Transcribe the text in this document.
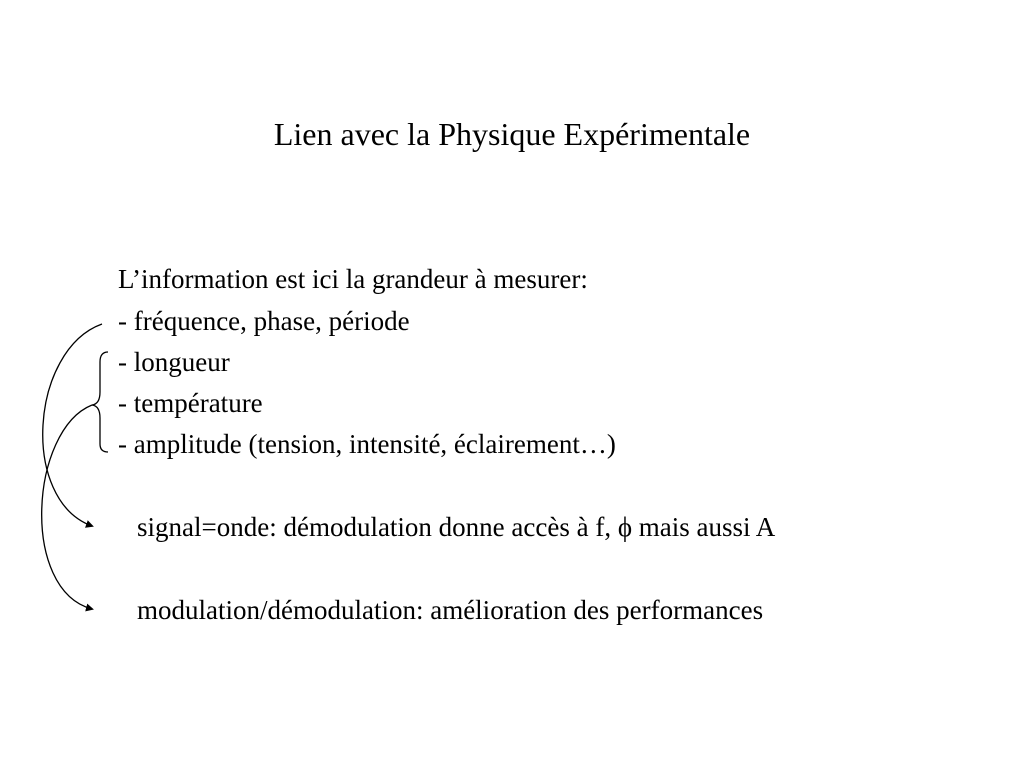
Lien avec la Physique Expérimentale
L’information est ici la grandeur à mesurer:
- fréquence, phase, période
- longueur
- température
- amplitude (tension, intensité, éclairement…)
signal=onde: démodulation donne accès à f, ϕ mais aussi A
modulation/démodulation: amélioration des performances
